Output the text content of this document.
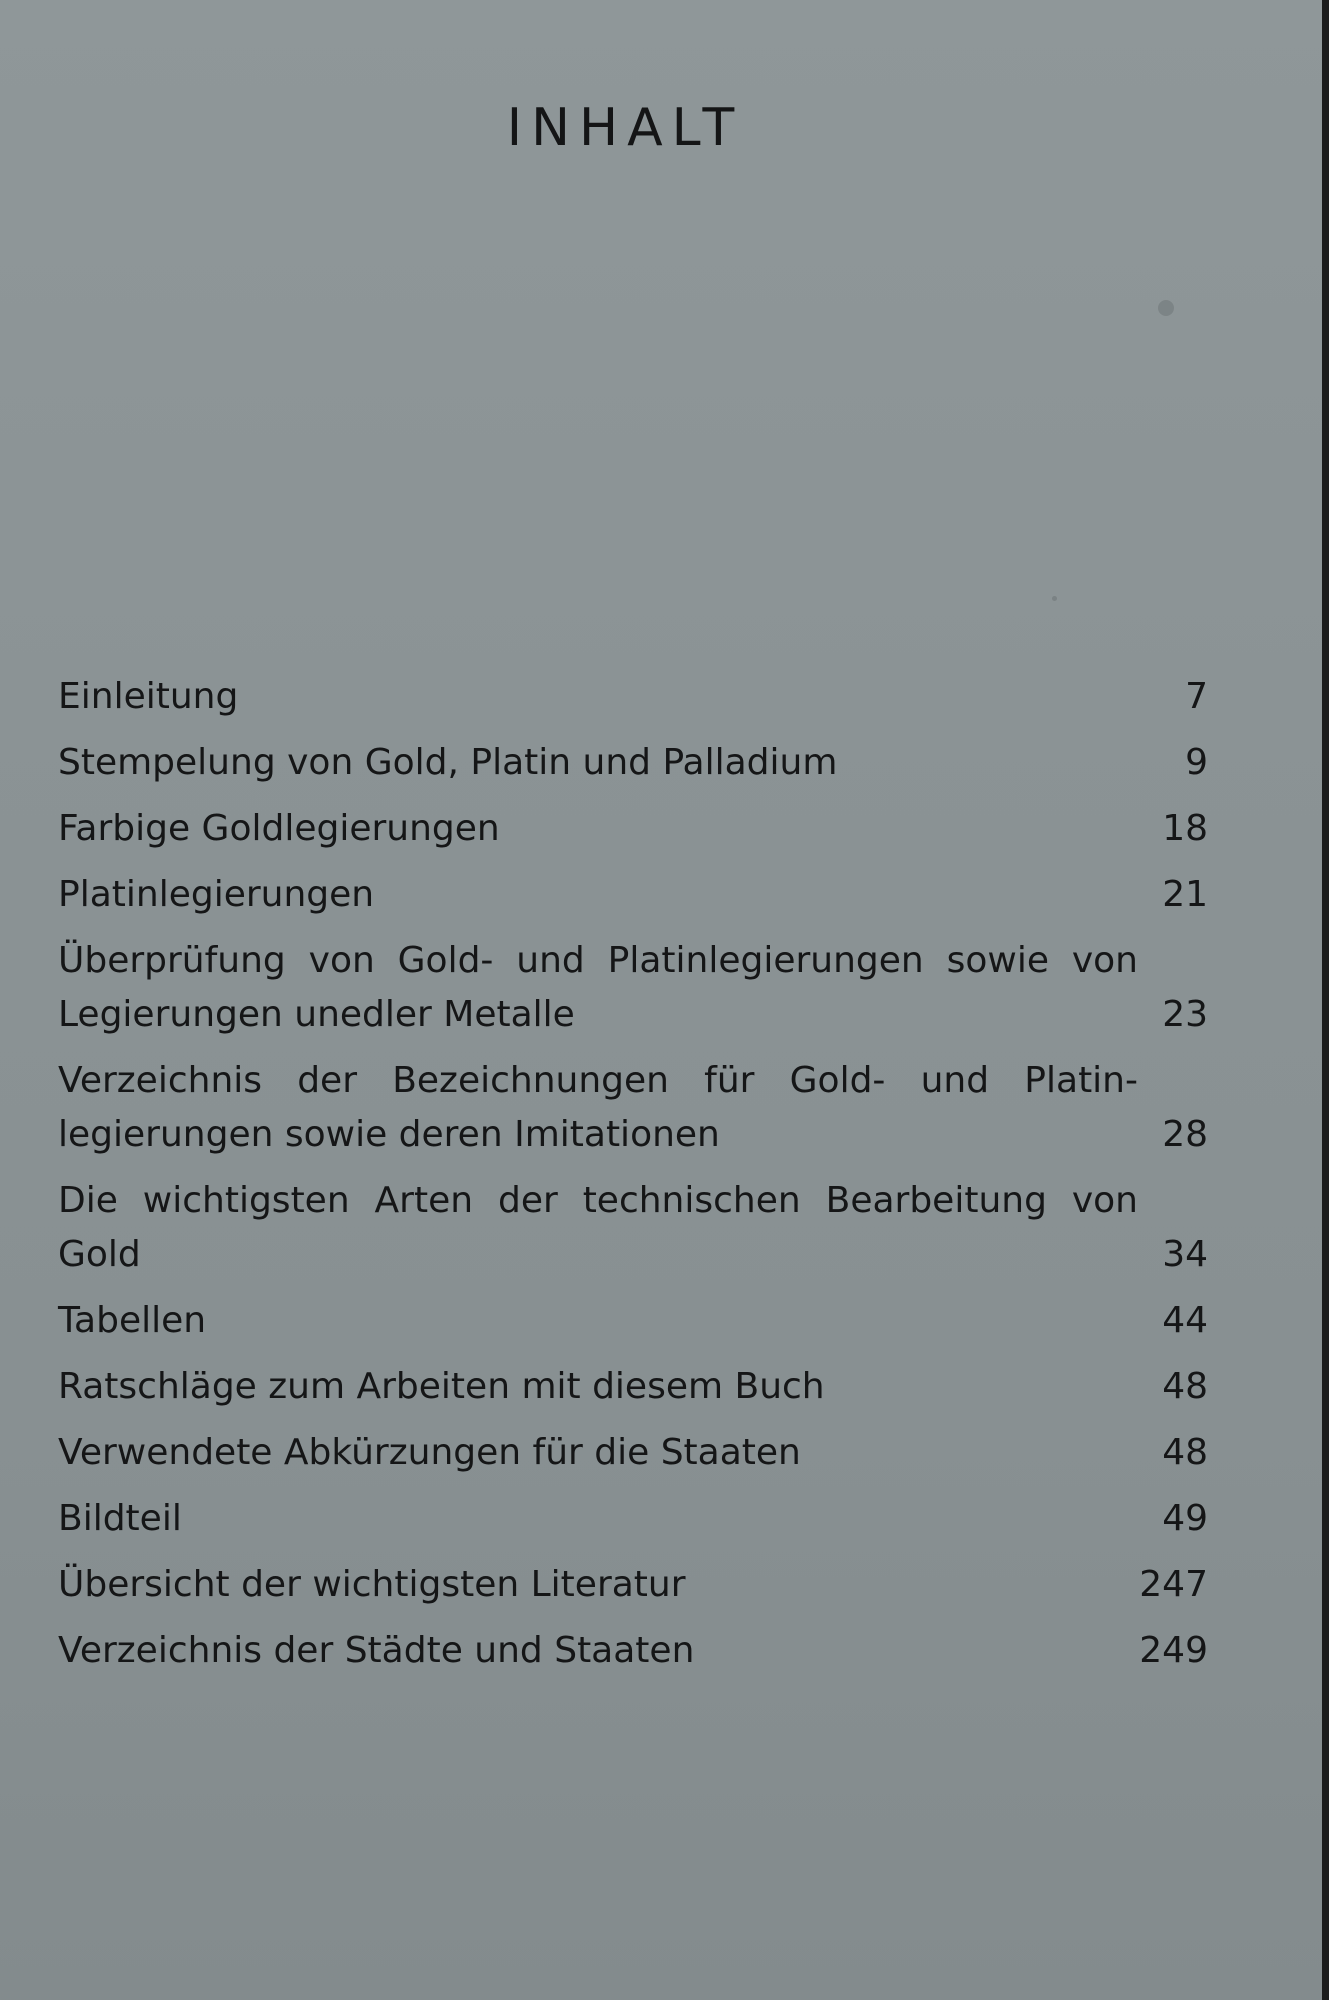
INHALT
Einleitung	7
Stempelung von Gold, Platin und Palladium	9
Farbige Goldlegierungen	18
Platinlegierungen	21
Überprüfung von Gold- und Platinlegierungen sowie von Legierungen unedler Metalle	23
Verzeichnis der Bezeichnungen für Gold- und Platin-legierungen sowie deren Imitationen	28
Die wichtigsten Arten der technischen Bearbeitung von Gold	34
Tabellen	44
Ratschläge zum Arbeiten mit diesem Buch	48
Verwendete Abkürzungen für die Staaten	48
Bildteil	49
Übersicht der wichtigsten Literatur	247
Verzeichnis der Städte und Staaten	249
